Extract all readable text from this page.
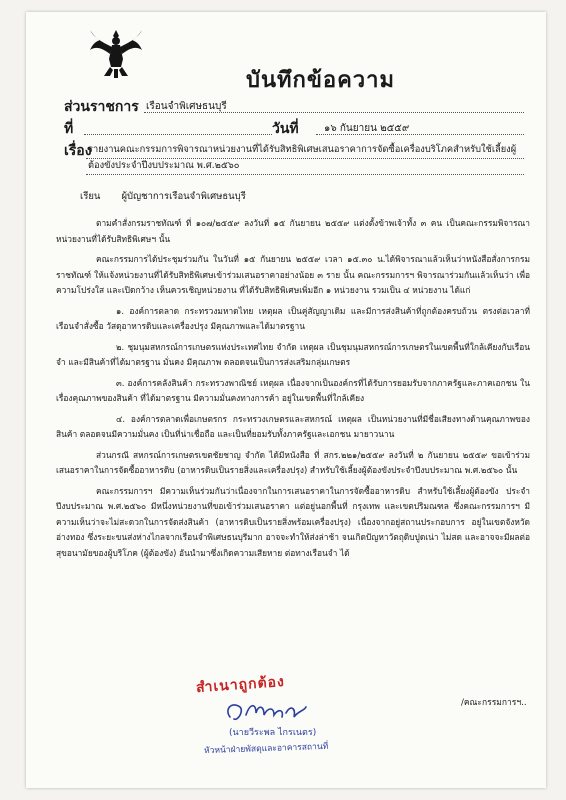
บันทึกข้อความ
ส่วนราชการ เรือนจำพิเศษธนบุรี
ที่	วันที่	๑๖ กันยายน ๒๕๕๙
เรื่อง
รายงานคณะกรรมการพิจารณาหน่วยงานที่ได้รับสิทธิพิเศษเสนอราคาการจัดซื้อเครื่องบริโภคสำหรับใช้เลี้ยงผู้ต้องขังประจำปีงบประมาณ พ.ศ.๒๕๖๐
เรียน ผู้บัญชาการเรือนจำพิเศษธนบุรี

ตามคำสั่งกรมราชทัณฑ์ ที่ ๑๐๗/๒๕๕๙ ลงวันที่ ๑๕ กันยายน ๒๕๕๙ แต่งตั้งข้าพเจ้าทั้ง ๓ คน เป็นคณะกรรมพิจารณาหน่วยงานที่ได้รับสิทธิพิเศษฯ นั้น

คณะกรรมการได้ประชุมร่วมกัน ในวันที่ ๑๕ กันยายน ๒๕๕๙ เวลา ๑๕.๓๐ น.ได้พิจารณาแล้วเห็นว่าหนังสือสั่งการกรมราชทัณฑ์ ให้แจ้งหน่วยงานที่ได้รับสิทธิพิเศษเข้าร่วมเสนอราคาอย่างน้อย ๓ ราย นั้น คณะกรรมการฯ พิจารณาร่วมกันแล้วเห็นว่า เพื่อความโปร่งใส และเปิดกว้าง เห็นควรเชิญหน่วยงาน ที่ได้รับสิทธิพิเศษเพิ่มอีก ๑ หน่วยงาน รวมเป็น ๔ หน่วยงาน ได้แก่

๑. องค์การตลาด กระทรวงมหาดไทย เหตุผล เป็นคู่สัญญาเดิม และมีการส่งสินค้าที่ถูกต้องครบถ้วน ตรงต่อเวลาที่เรือนจำสั่งซื้อ วัสดุอาหารดิบและเครื่องปรุง มีคุณภาพและได้มาตรฐาน

๒. ชุมนุมสหกรณ์การเกษตรแห่งประเทศไทย จำกัด เหตุผล เป็นชุมนุมสหกรณ์การเกษตรในเขตพื้นที่ใกล้เคียงกับเรือนจำ และมีสินค้าที่ได้มาตรฐาน มั่นคง มีคุณภาพ ตลอดจนเป็นการส่งเสริมกลุ่มเกษตร

๓. องค์การคลังสินค้า กระทรวงพาณิชย์ เหตุผล เนื่องจากเป็นองค์กรที่ได้รับการยอมรับจากภาครัฐและภาคเอกชน ในเรื่องคุณภาพของสินค้า ที่ได้มาตรฐาน มีความมั่นคงทางการค้า อยู่ในเขตพื้นที่ใกล้เคียง

๔. องค์การตลาดเพื่อเกษตรกร กระทรวงเกษตรและสหกรณ์ เหตุผล เป็นหน่วยงานที่มีชื่อเสียงทางด้านคุณภาพของสินค้า ตลอดจนมีความมั่นคง เป็นที่น่าเชื่อถือ และเป็นที่ยอมรับทั้งภาครัฐและเอกชน มายาวนาน

ส่วนกรณี สหกรณ์การเกษตรเขตชัยชาญ จำกัด ได้มีหนังสือ ที่ สกร.๒๒๑/๒๕๕๙ ลงวันที่ ๒ กันยายน ๒๕๕๙ ขอเข้าร่วมเสนอราคาในการจัดซื้ออาหารดิบ (อาหารดิบเป็นรายสิ่งและเครื่องปรุง) สำหรับใช้เลี้ยงผู้ต้องขังประจำปีงบประมาณ พ.ศ.๒๕๖๐ นั้น

คณะกรรมการฯ มีความเห็นร่วมกันว่าเนื่องจากในการเสนอราคาในการจัดซื้ออาหารดิบ สำหรับใช้เลี้ยงผู้ต้องขัง ประจำปีงบประมาณ พ.ศ.๒๕๖๐ มีหนึ่งหน่วยงานที่ขอเข้าร่วมเสนอราคา แต่อยู่นอกพื้นที่ กรุงเทพ และเขตปริมณฑล ซึ่งคณะกรรมการฯ มีความเห็นว่าจะไม่สะดวกในการจัดส่งสินค้า (อาหารดิบเป็นรายสิ่งพร้อมเครื่องปรุง) เนื่องจากอยู่สถานประกอบการ อยู่ในเขตจังหวัดอ่างทอง ซึ่งระยะขนส่งห่างไกลจากเรือนจำพิเศษธนบุรีมาก อาจจะทำให้ส่งล่าช้า จนเกิดปัญหาวัตถุดิบปูดเน่า ไม่สด และอาจจะมีผลต่อสุขอนามัยของผู้บริโภค (ผู้ต้องขัง) อันนำมาซึ่งเกิดความเสียหาย ต่อทางเรือนจำ ได้

สำเนาถูกต้อง
(นายวีระพล ไกรเนตร)
หัวหน้าฝ่ายพัสดุและอาคารสถานที่
/คณะกรรมการฯ..
